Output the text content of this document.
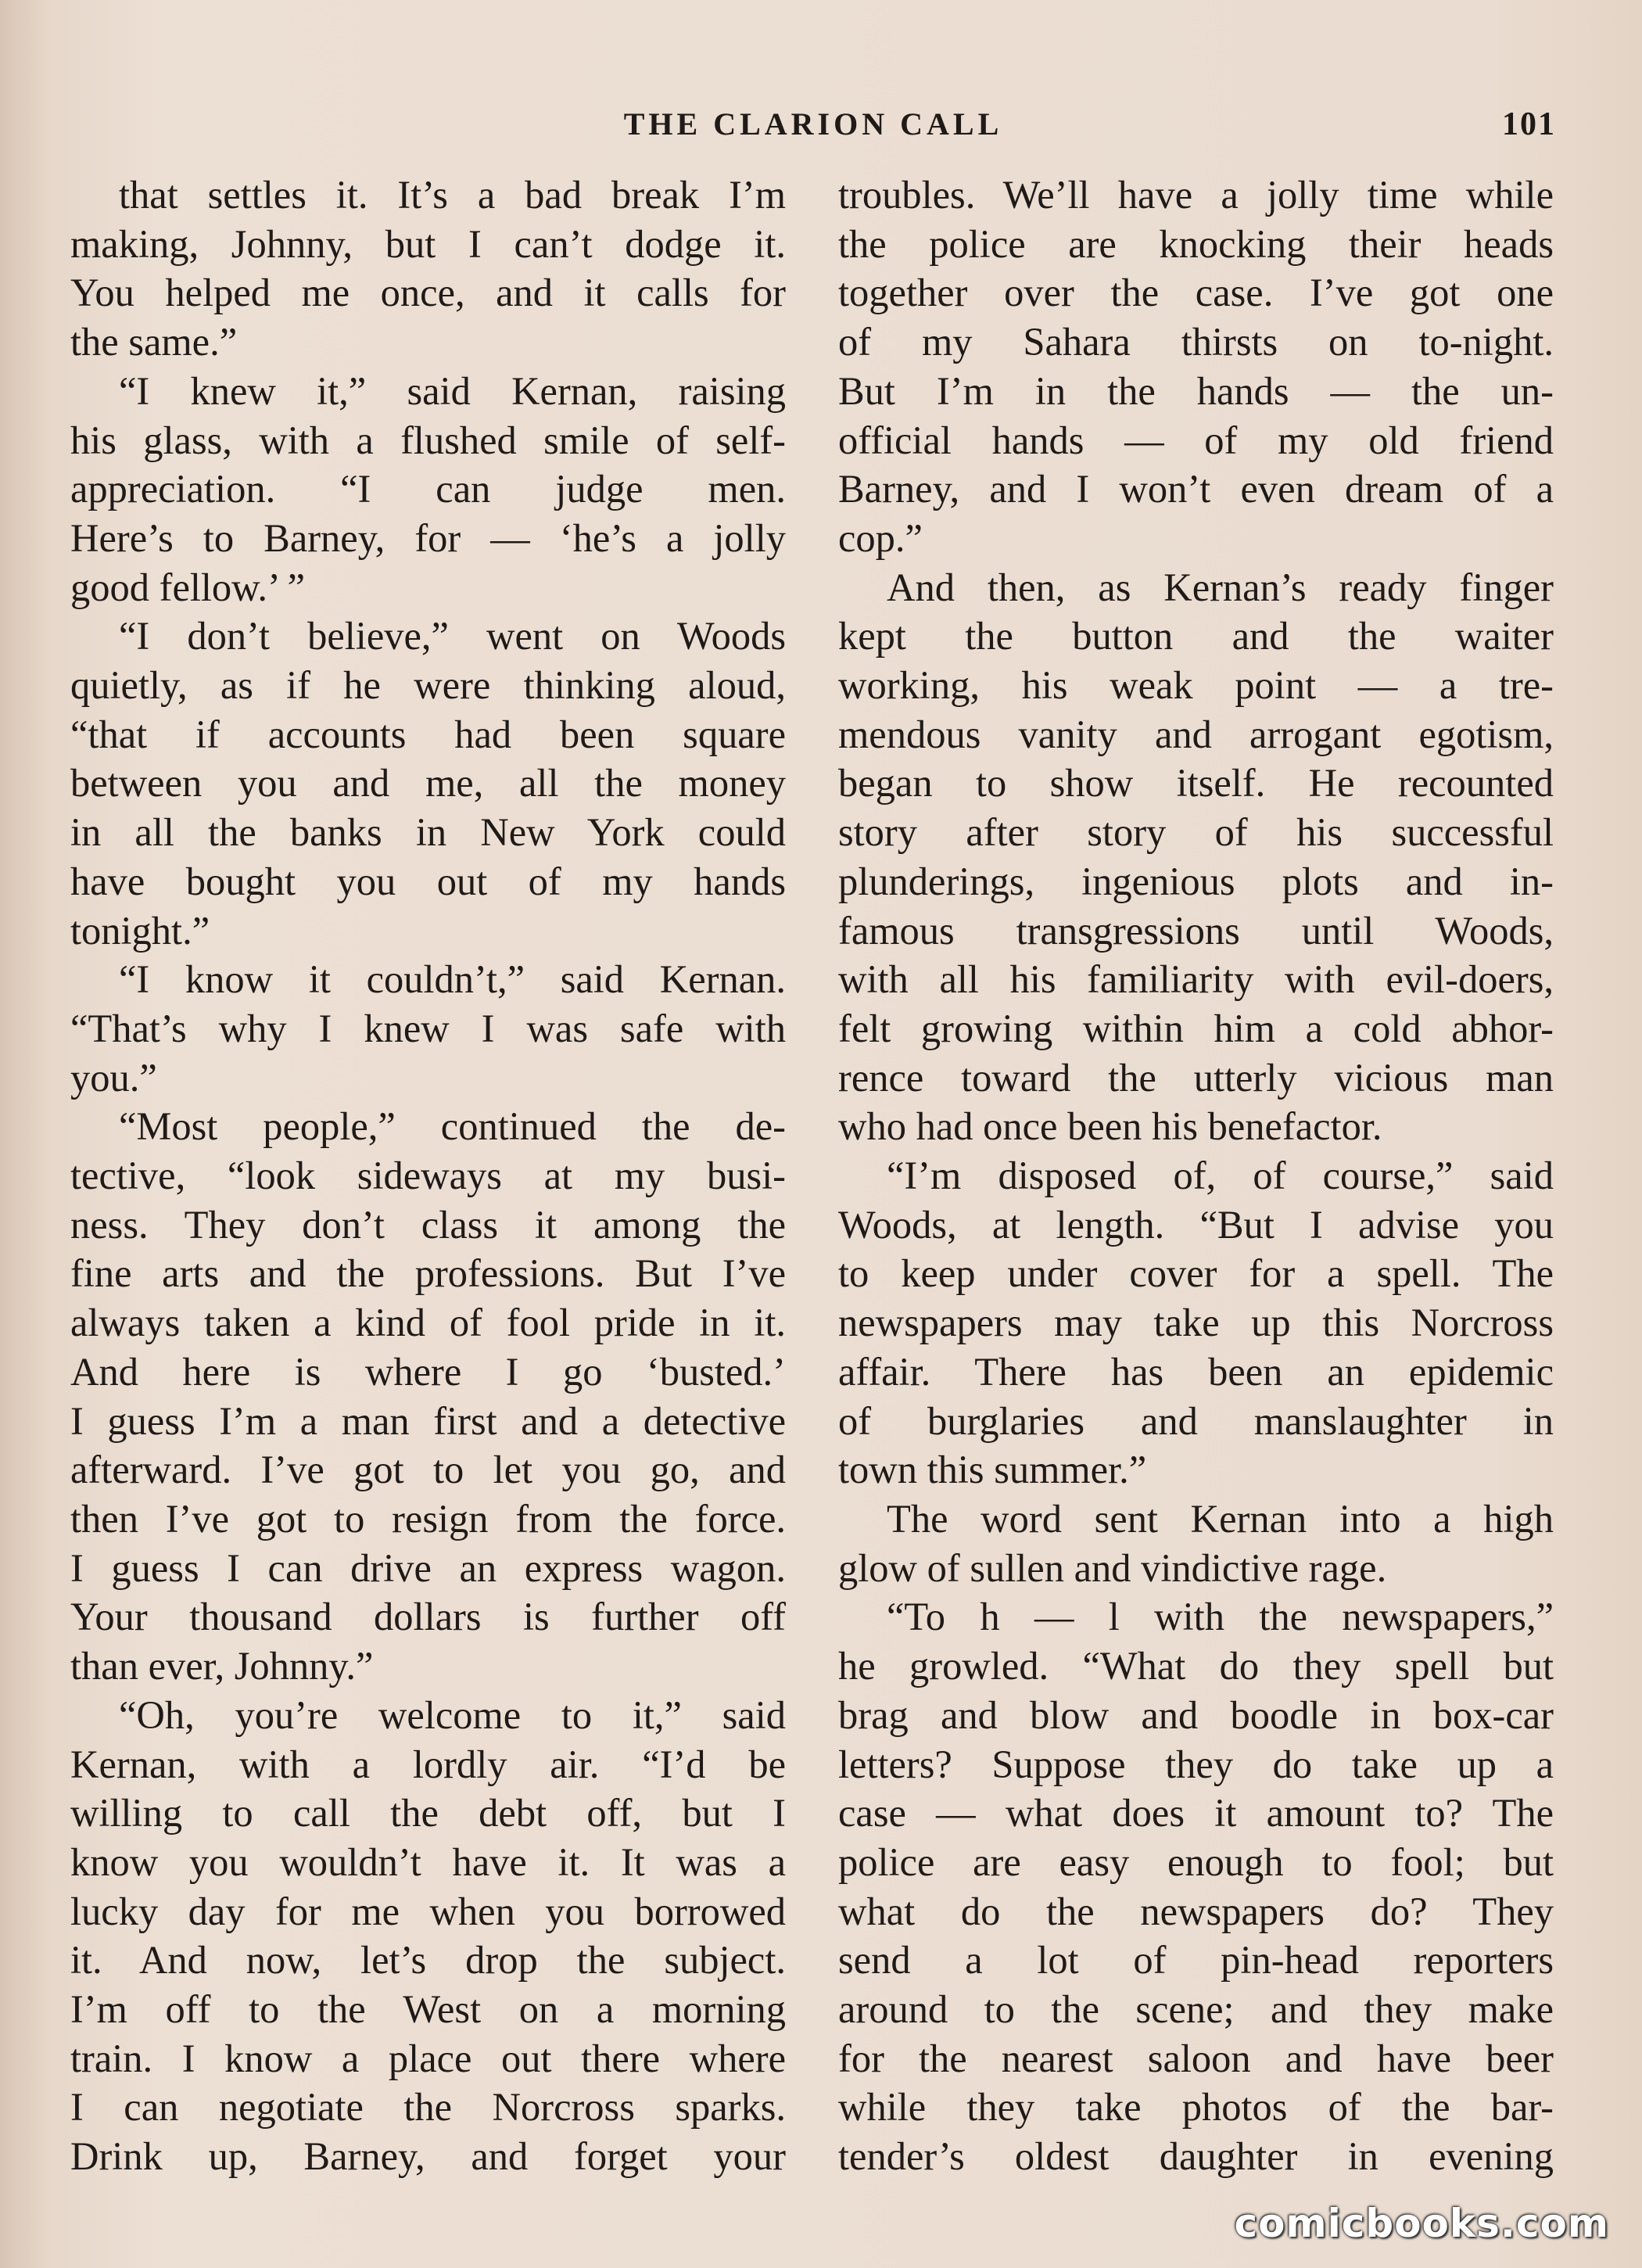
THE CLARION CALL	101

that settles it. It’s a bad break I’m
making, Johnny, but I can’t dodge it.
You helped me once, and it calls for
the same.”

“I knew it,” said Kernan, raising
his glass, with a flushed smile of self-
appreciation. “I can judge men.
Here’s to Barney, for — ‘he’s a jolly
good fellow.’ ”

“I don’t believe,” went on Woods
quietly, as if he were thinking aloud,
“that if accounts had been square
between you and me, all the money
in all the banks in New York could
have bought you out of my hands
tonight.”

“I know it couldn’t,” said Kernan.
“That’s why I knew I was safe with
you.”

“Most people,” continued the de-
tective, “look sideways at my busi-
ness. They don’t class it among the
fine arts and the professions. But I’ve
always taken a kind of fool pride in it.
And here is where I go ‘busted.’
I guess I’m a man first and a detective
afterward. I’ve got to let you go, and
then I’ve got to resign from the force.
I guess I can drive an express wagon.
Your thousand dollars is further off
than ever, Johnny.”

“Oh, you’re welcome to it,” said
Kernan, with a lordly air. “I’d be
willing to call the debt off, but I
know you wouldn’t have it. It was a
lucky day for me when you borrowed
it. And now, let’s drop the subject.
I’m off to the West on a morning
train. I know a place out there where
I can negotiate the Norcross sparks.
Drink up, Barney, and forget your

troubles. We’ll have a jolly time while
the police are knocking their heads
together over the case. I’ve got one
of my Sahara thirsts on to-night.
But I’m in the hands — the un-
official hands — of my old friend
Barney, and I won’t even dream of a
cop.”

And then, as Kernan’s ready finger
kept the button and the waiter
working, his weak point — a tre-
mendous vanity and arrogant egotism,
began to show itself. He recounted
story after story of his successful
plunderings, ingenious plots and in-
famous transgressions until Woods,
with all his familiarity with evil-doers,
felt growing within him a cold abhor-
rence toward the utterly vicious man
who had once been his benefactor.

“I’m disposed of, of course,” said
Woods, at length. “But I advise you
to keep under cover for a spell. The
newspapers may take up this Norcross
affair. There has been an epidemic
of burglaries and manslaughter in
town this summer.”

The word sent Kernan into a high
glow of sullen and vindictive rage.

“To h — l with the newspapers,”
he growled. “What do they spell but
brag and blow and boodle in box-car
letters? Suppose they do take up a
case — what does it amount to? The
police are easy enough to fool; but
what do the newspapers do? They
send a lot of pin-head reporters
around to the scene; and they make
for the nearest saloon and have beer
while they take photos of the bar-
tender’s oldest daughter in evening

comicbooks.com
